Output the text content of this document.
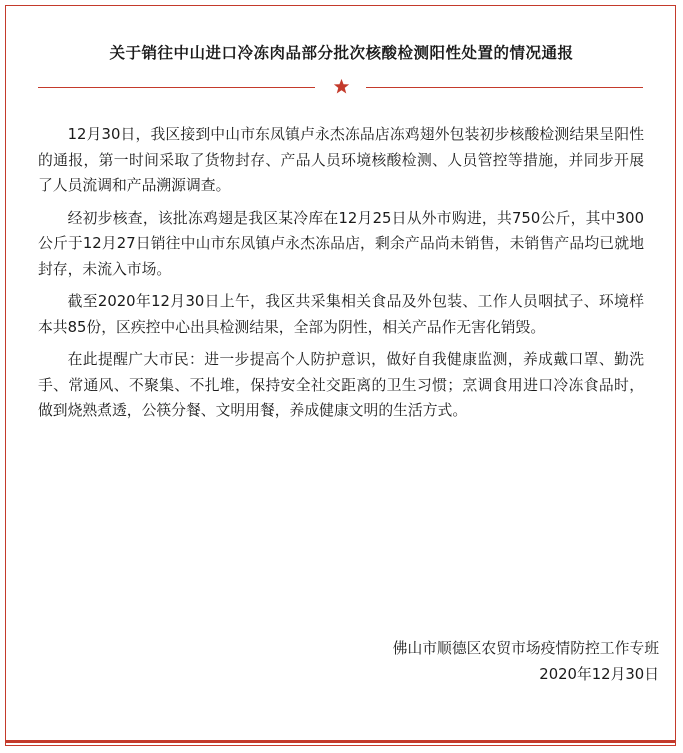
关于销往中山进口冷冻肉品部分批次核酸检测阳性处置的情况通报

12月30日，我区接到中山市东凤镇卢永杰冻品店冻鸡翅外包装初步核酸检测结果呈阳性的通报，第一时间采取了货物封存、产品人员环境核酸检测、人员管控等措施，并同步开展了人员流调和产品溯源调查。

经初步核查，该批冻鸡翅是我区某冷库在12月25日从外市购进，共750公斤，其中300公斤于12月27日销往中山市东凤镇卢永杰冻品店，剩余产品尚未销售，未销售产品均已就地封存，未流入市场。

截至2020年12月30日上午，我区共采集相关食品及外包装、工作人员咽拭子、环境样本共85份，区疾控中心出具检测结果，全部为阴性，相关产品作无害化销毁。

在此提醒广大市民：进一步提高个人防护意识，做好自我健康监测，养成戴口罩、勤洗手、常通风、不聚集、不扎堆，保持安全社交距离的卫生习惯；烹调食用进口冷冻食品时，做到烧熟煮透，公筷分餐、文明用餐，养成健康文明的生活方式。

佛山市顺德区农贸市场疫情防控工作专班
2020年12月30日
